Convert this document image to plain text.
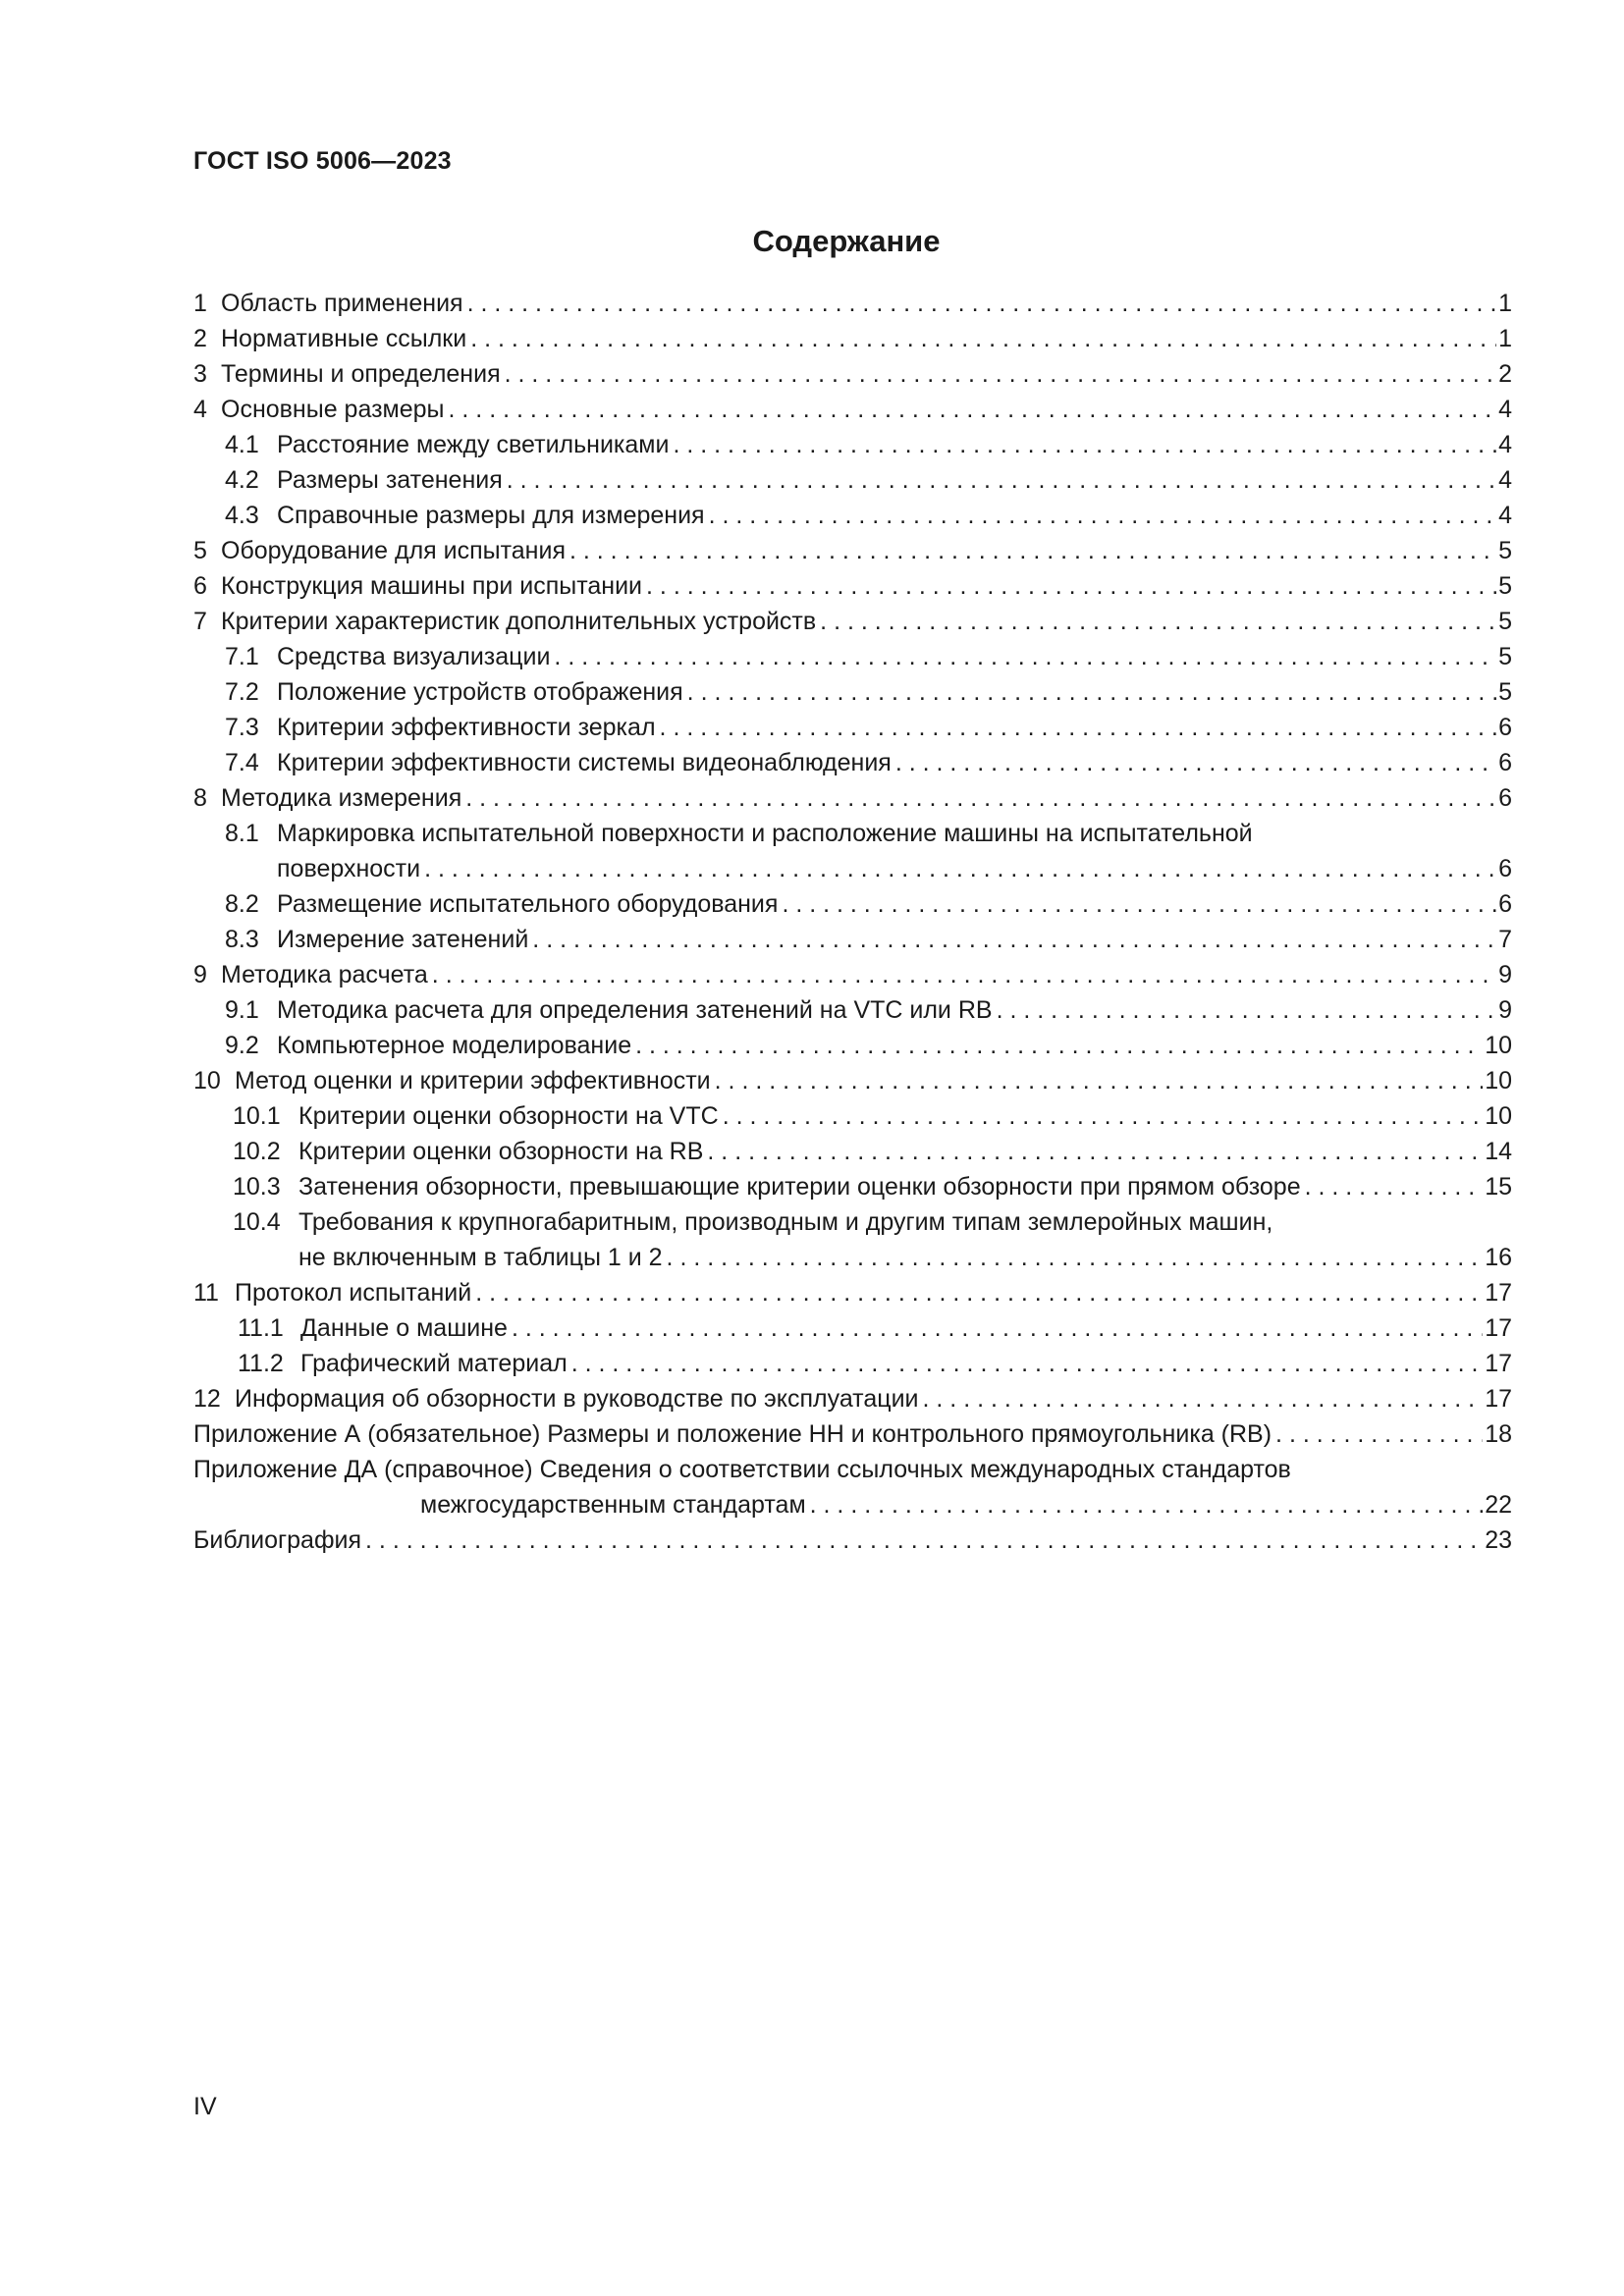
ГОСТ ISO 5006—2023
Содержание
1 Область применения . . .	1
2 Нормативные ссылки . . .	1
3 Термины и определения . . .	2
4 Основные размеры . . .	4
4.1 Расстояние между светильниками . . .	4
4.2 Размеры затенения . . .	4
4.3 Справочные размеры для измерения . . .	4
5 Оборудование для испытания . . .	5
6 Конструкция машины при испытании . . .	5
7 Критерии характеристик дополнительных устройств . . .	5
7.1 Средства визуализации . . .	5
7.2 Положение устройств отображения . . .	5
7.3 Критерии эффективности зеркал . . .	6
7.4 Критерии эффективности системы видеонаблюдения . . .	6
8 Методика измерения . . .	6
8.1 Маркировка испытательной поверхности и расположение машины на испытательной
поверхности . . .	6
8.2 Размещение испытательного оборудования . . .	6
8.3 Измерение затенений . . .	7
9 Методика расчета . . .	9
9.1 Методика расчета для определения затенений на VTC или RB . . .	9
9.2 Компьютерное моделирование . . .	10
10 Метод оценки и критерии эффективности . . .	10
10.1 Критерии оценки обзорности на VTC . . .	10
10.2 Критерии оценки обзорности на RB . . .	14
10.3 Затенения обзорности, превышающие критерии оценки обзорности при прямом обзоре . . .	15
10.4 Требования к крупногабаритным, производным и другим типам землеройных машин,
не включенным в таблицы 1 и 2 . . .	16
11 Протокол испытаний . . .	17
11.1 Данные о машине . . .	17
11.2 Графический материал . . .	17
12 Информация об обзорности в руководстве по эксплуатации . . .	17
Приложение А (обязательное) Размеры и положение НН и контрольного прямоугольника (RB) . . .	18
Приложение ДА (справочное) Сведения о соответствии ссылочных международных стандартов
межгосударственным стандартам . . .	22
Библиография . . .	23
IV
